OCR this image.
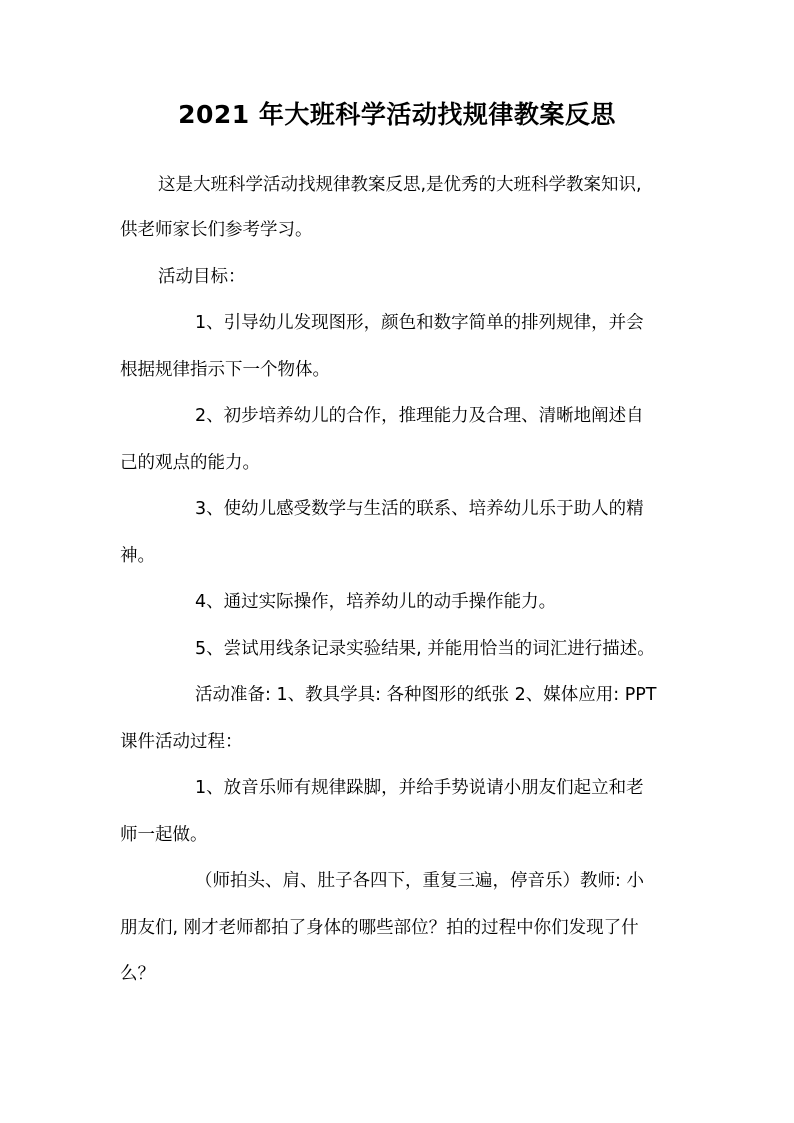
2021 年大班科学活动找规律教案反思

这是大班科学活动找规律教案反思,是优秀的大班科学教案知识,

供老师家长们参考学习。

活动目标：

1、引导幼儿发现图形，颜色和数字简单的排列规律，并会

根据规律指示下一个物体。

2、初步培养幼儿的合作，推理能力及合理、清晰地阐述自

己的观点的能力。

3、使幼儿感受数学与生活的联系、培养幼儿乐于助人的精

神。

4、通过实际操作，培养幼儿的动手操作能力。

5、尝试用线条记录实验结果, 并能用恰当的词汇进行描述。

活动准备: 1、教具学具: 各种图形的纸张 2、媒体应用: PPT

课件活动过程：

1、放音乐师有规律跺脚，并给手势说请小朋友们起立和老

师一起做。

（师拍头、肩、肚子各四下，重复三遍，停音乐）教师: 小

朋友们, 刚才老师都拍了身体的哪些部位？拍的过程中你们发现了什

么？
